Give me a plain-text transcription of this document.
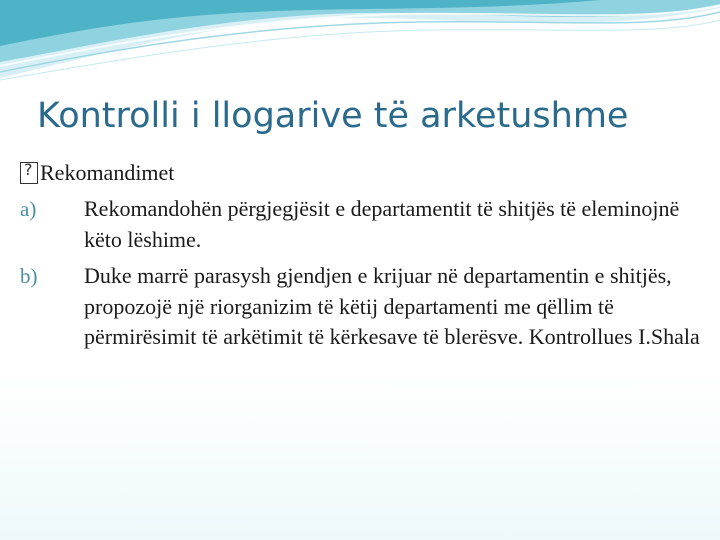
Kontrolli i llogarive të arketushme
?
Rekomandimet
a)	Rekomandohën përgjegjësit e departamentit të shitjës të eleminojnë këto lëshime.
b)	Duke marrë parasysh gjendjen e krijuar në departamentin e shitjës, propozojë një riorganizim të këtij departamenti me qëllim të përmirësimit të arkëtimit të kërkesave të blerësve. Kontrollues I.Shala
